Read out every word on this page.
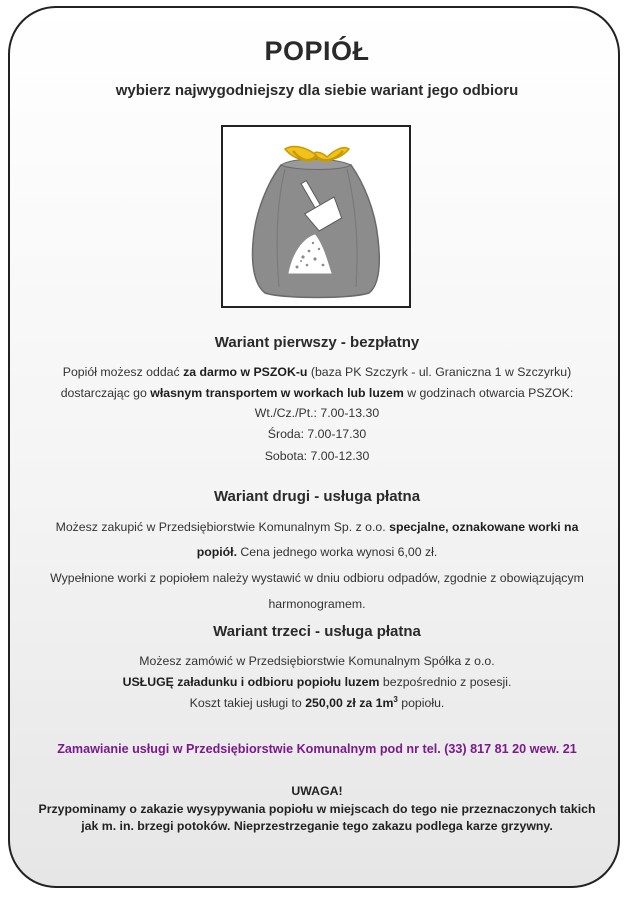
POPIÓŁ
wybierz najwygodniejszy dla siebie wariant jego odbioru
Wariant pierwszy - bezpłatny
Popiół możesz oddać za darmo w PSZOK-u (baza PK Szczyrk - ul. Graniczna 1 w Szczyrku)
dostarczając go własnym transportem w workach lub luzem w godzinach otwarcia PSZOK:
Wt./Cz./Pt.: 7.00-13.30
Środa: 7.00-17.30
Sobota: 7.00-12.30
Wariant drugi - usługa płatna
Możesz zakupić w Przedsiębiorstwie Komunalnym Sp. z o.o. specjalne, oznakowane worki na
popiół. Cena jednego worka wynosi 6,00 zł.
Wypełnione worki z popiołem należy wystawić w dniu odbioru odpadów, zgodnie z obowiązującym
harmonogramem.
Wariant trzeci - usługa płatna
Możesz zamówić w Przedsiębiorstwie Komunalnym Spółka z o.o.
USŁUGĘ załadunku i odbioru popiołu luzem bezpośrednio z posesji.
Koszt takiej usługi to 250,00 zł za $1m^3$ popiołu.
Zamawianie usługi w Przedsiębiorstwie Komunalnym pod nr tel. (33) 817 81 20 wew. 21
UWAGA!
Przypominamy o zakazie wysypywania popiołu w miejscach do tego nie przeznaczonych takich
jak m. in. brzegi potoków. Nieprzestrzeganie tego zakazu podlega karze grzywny.
